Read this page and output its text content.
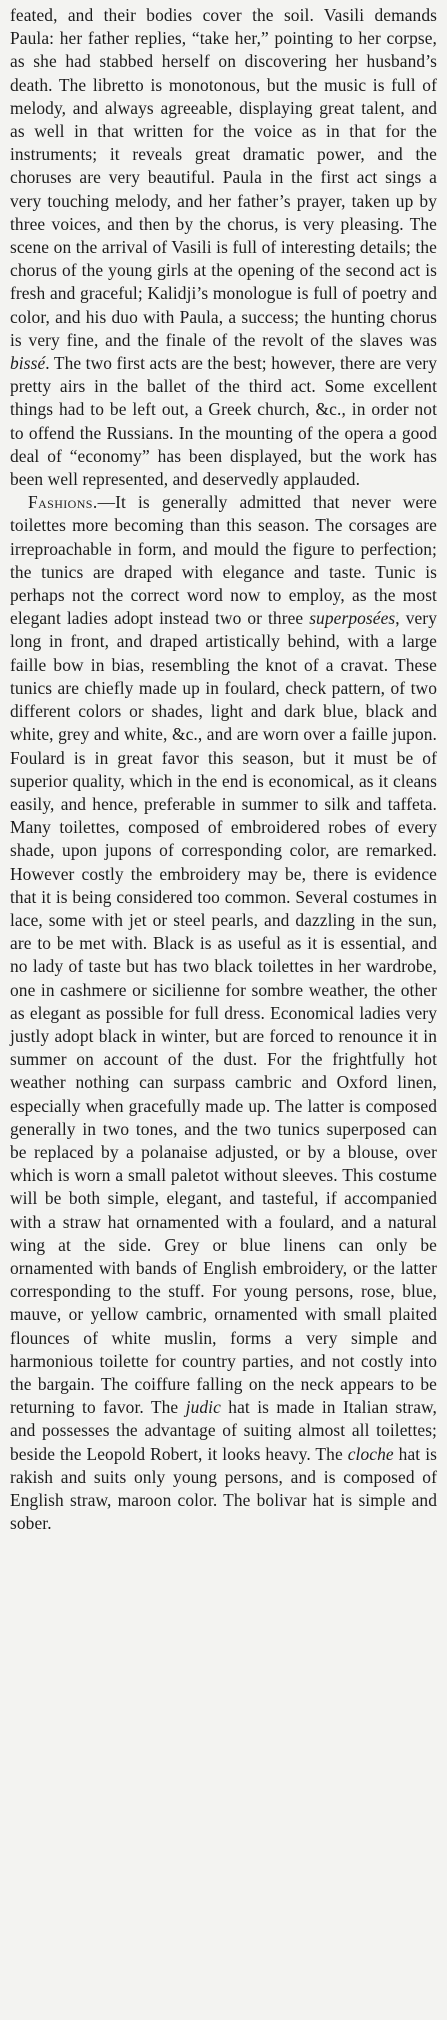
feated, and their bodies cover the soil. Vasili demands Paula: her father replies, “take her,” pointing to her corpse, as she had stabbed herself on discovering her husband’s death. The libretto is monotonous, but the music is full of melody, and always agreeable, displaying great talent, and as well in that written for the voice as in that for the instruments; it reveals great dramatic power, and the choruses are very beautiful. Paula in the first act sings a very touching melody, and her father’s prayer, taken up by three voices, and then by the chorus, is very pleasing. The scene on the arrival of Vasili is full of interesting details; the chorus of the young girls at the opening of the second act is fresh and graceful; Kalidji’s monologue is full of poetry and color, and his duo with Paula, a success; the hunting chorus is very fine, and the finale of the revolt of the slaves was bissé. The two first acts are the best; however, there are very pretty airs in the ballet of the third act. Some excellent things had to be left out, a Greek church, &c., in order not to offend the Russians. In the mounting of the opera a good deal of “economy” has been displayed, but the work has been well represented, and deservedly applauded.

Fashions.—It is generally admitted that never were toilettes more becoming than this season. The corsages are irreproachable in form, and mould the figure to perfection; the tunics are draped with elegance and taste. Tunic is perhaps not the correct word now to employ, as the most elegant ladies adopt instead two or three superposées, very long in front, and draped artistically behind, with a large faille bow in bias, resembling the knot of a cravat. These tunics are chiefly made up in foulard, check pattern, of two different colors or shades, light and dark blue, black and white, grey and white, &c., and are worn over a faille jupon. Foulard is in great favor this season, but it must be of superior quality, which in the end is economical, as it cleans easily, and hence, preferable in summer to silk and taffeta. Many toilettes, composed of embroidered robes of every shade, upon jupons of corresponding color, are remarked. However costly the embroidery may be, there is evidence that it is being considered too common. Several costumes in lace, some with jet or steel pearls, and dazzling in the sun, are to be met with. Black is as useful as it is essential, and no lady of taste but has two black toilettes in her wardrobe, one in cashmere or sicilienne for sombre weather, the other as elegant as possible for full dress. Economical ladies very justly adopt black in winter, but are forced to renounce it in summer on account of the dust. For the frightfully hot weather nothing can surpass cambric and Oxford linen, especially when gracefully made up. The latter is composed generally in two tones, and the two tunics superposed can be replaced by a polanaise adjusted, or by a blouse, over which is worn a small paletot without sleeves. This costume will be both simple, elegant, and tasteful, if accompanied with a straw hat ornamented with a foulard, and a natural wing at the side. Grey or blue linens can only be ornamented with bands of English embroidery, or the latter corresponding to the stuff. For young persons, rose, blue, mauve, or yellow cambric, ornamented with small plaited flounces of white muslin, forms a very simple and harmonious toilette for country parties, and not costly into the bargain. The coiffure falling on the neck appears to be returning to favor. The judic hat is made in Italian straw, and possesses the advantage of suiting almost all toilettes; beside the Leopold Robert, it looks heavy. The cloche hat is rakish and suits only young persons, and is composed of English straw, maroon color. The bolivar hat is simple and sober.
